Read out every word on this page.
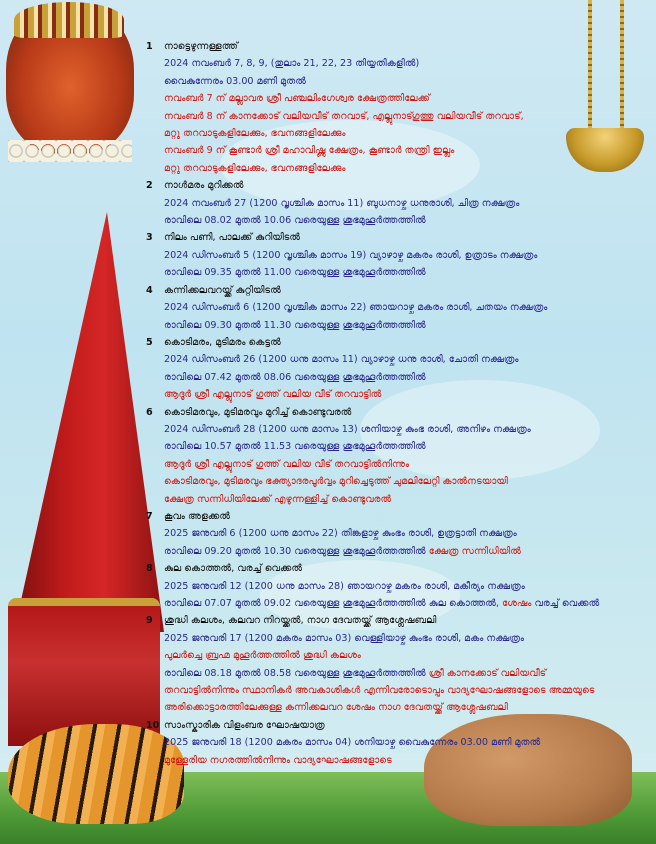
1 നാട്ടെഴുന്നള്ളത്ത്
2024 നവംബർ 7, 8, 9, (തുലാം 21, 22, 23 തിയ്യതികളിൽ)
വൈകുന്നേരം 03.00 മണി മുതൽ
നവംബർ 7 ന് മല്ലാവര ശ്രീ പഞ്ചലിംഗേശ്വര ക്ഷേത്രത്തിലേക്ക്
നവംബർ 8 ന് കാനക്കോട് വലിയവീട് തറവാട്, എല്ലുനാട്ഗുത്തു വലിയവീട് തറവാട്,
മറ്റു തറവാടുകളിലേക്കും, ഭവനങ്ങളിലേക്കും
നവംബർ 9 ന് കൂണ്ടാർ ശ്രീ മഹാവിഷ്ണു ക്ഷേത്രം, കൂണ്ടാർ തന്ത്രി ഇല്ലം
മറ്റു തറവാടുകളിലേക്കും, ഭവനങ്ങളിലേക്കും
2 നാൾമരം മുറിക്കൽ
2024 നവംബർ 27 (1200 വൃശ്ചിക മാസം 11) ബുധനാഴ്ച ധനുരാശി, ചിത്ര നക്ഷത്രം
രാവിലെ 08.02 മുതൽ 10.06 വരെയുള്ള ശുഭമുഹൂർത്തത്തിൽ
3 നിലം പണി, പാലക്ക് കുറിയിടൽ
2024 ഡിസംബർ 5 (1200 വൃശ്ചിക മാസം 19) വ്യാഴാഴ്ച മകരം രാശി, ഉത്രാടം നക്ഷത്രം
രാവിലെ 09.35 മുതൽ 11.00 വരെയുള്ള ശുഭമുഹൂർത്തത്തിൽ
4 കന്നിക്കലവറയ്ക്ക് കുറ്റിയിടൽ
2024 ഡിസംബർ 6 (1200 വൃശ്ചിക മാസം 22) ഞായറാഴ്ച മകരം രാശി, ചതയം നക്ഷത്രം
രാവിലെ 09.30 മുതൽ 11.30 വരെയുള്ള ശുഭമുഹൂർത്തത്തിൽ
5 കൊടിമരം, മുടിമരം കെട്ടൽ
2024 ഡിസംബർ 26 (1200 ധനു മാസം 11) വ്യാഴാഴ്ച ധനു രാശി, ചോതി നക്ഷത്രം
രാവിലെ 07.42 മുതൽ 08.06 വരെയുള്ള ശുഭമുഹൂർത്തത്തിൽ
ആദൂർ ശ്രീ എല്ലുനാട് ഗുത്ത് വലിയ വീട് തറവാട്ടിൽ
6 കൊടിമരവും, മുടിമരവും മുറിച്ച് കൊണ്ടുവരൽ
2024 ഡിസംബർ 28 (1200 ധനു മാസം 13) ശനിയാഴ്ച കുംഭ രാശി, അനിഴം നക്ഷത്രം
രാവിലെ 10.57 മുതൽ 11.53 വരെയുള്ള ശുഭമുഹൂർത്തത്തിൽ
ആദൂർ ശ്രീ എല്ലുനാട് ഗുത്ത് വലിയ വീട് തറവാട്ടിൽനിന്നും
കൊടിമരവും, മുടിമരവും ഭക്ത്യാദരപൂർവ്വം മുറിച്ചെടുത്ത് ചുമലിലേറ്റി കാൽനടയായി
ക്ഷേത്ര സന്നിധിയിലേക്ക് എഴുന്നള്ളിച്ച് കൊണ്ടുവരൽ
7 കൂവം അളക്കൽ
2025 ജനുവരി 6 (1200 ധനു മാസം 22) തിങ്കളാഴ്ച കുംഭം രാശി, ഉത്രട്ടാതി നക്ഷത്രം
രാവിലെ 09.20 മുതൽ 10.30 വരെയുള്ള ശുഭമുഹൂർത്തത്തിൽ ക്ഷേത്ര സന്നിധിയിൽ
8 കുല കൊത്തൽ, വരച്ച് വെക്കൽ
2025 ജനുവരി 12 (1200 ധനു മാസം 28) ഞായറാഴ്ച മകരം രാശി, മകീര്യം നക്ഷത്രം
രാവിലെ 07.07 മുതൽ 09.02 വരെയുള്ള ശുഭമുഹൂർത്തത്തിൽ കുല കൊത്തൽ, ശേഷം വരച്ച് വെക്കൽ
9 ശുദ്ധി കലശം, കലവറ നിറയ്ക്കൽ, നാഗ ദേവതയ്ക്ക് ആശ്ലേഷബലി
2025 ജനുവരി 17 (1200 മകരം മാസം 03) വെള്ളിയാഴ്ച കുംഭം രാശി, മകം നക്ഷത്രം
പുലർച്ചെ ബ്രഹ്മ മുഹൂർത്തത്തിൽ ശുദ്ധി കലശം
രാവിലെ 08.18 മുതൽ 08.58 വരെയുള്ള ശുഭമുഹൂർത്തത്തിൽ ശ്രീ കാനക്കോട് വലിയവീട്
തറവാട്ടിൽനിന്നും സ്ഥാനികർ അവകാശികൾ എന്നിവരോടൊപ്പം വാദ്യഘോഷങ്ങളോടെ അമ്മയുടെ
അരിക്കൊട്ടാരത്തിലേക്കുള്ള കന്നിക്കലവറ ശേഷം നാഗ ദേവതയ്ക്ക് ആശ്ലേഷബലി
10 സാംസ്കാരിക വിളംബര ഘോഷയാത്ര
2025 ജനുവരി 18 (1200 മകരം മാസം 04) ശനിയാഴ്ച വൈകുന്നേരം 03.00 മണി മുതൽ
മുള്ളേരിയ നഗരത്തിൽനിന്നും വാദ്യഘോഷങ്ങളോടെ
